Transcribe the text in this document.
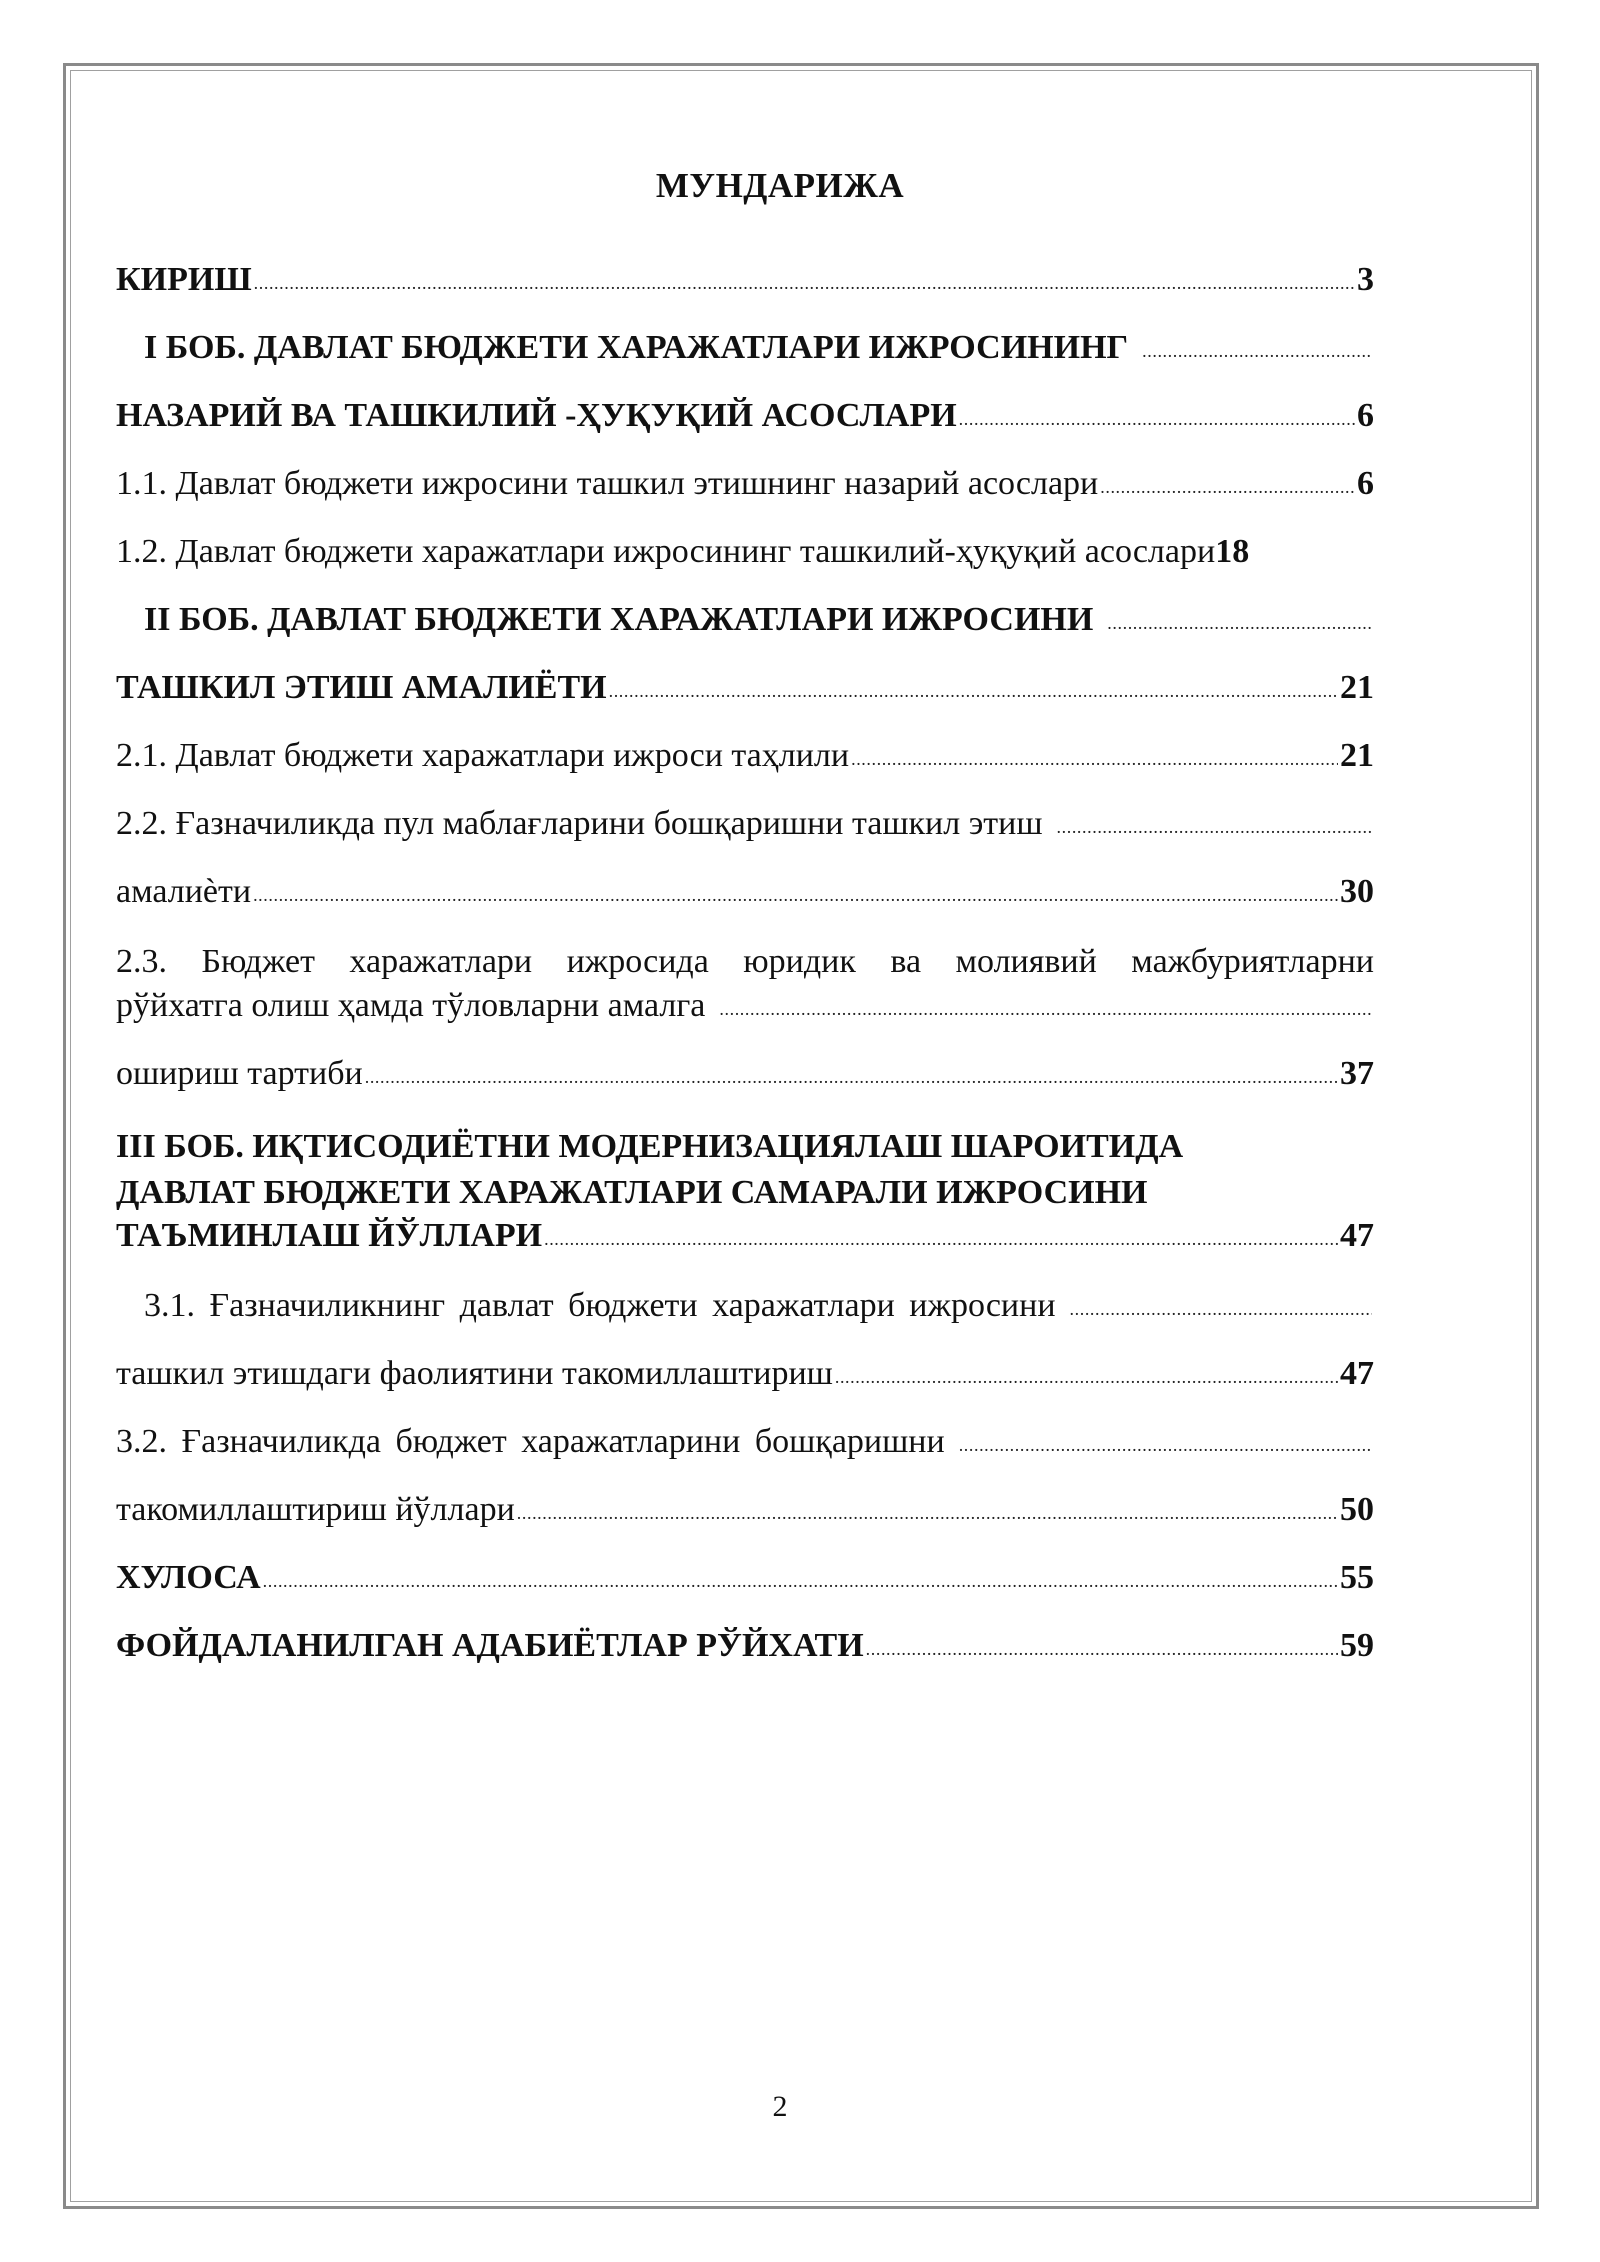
МУНДАРИЖА
КИРИШ .....	3
I БОБ. ДАВЛАТ БЮДЖЕТИ ХАРАЖАТЛАРИ ИЖРОСИНИНГ
.....
НАЗАРИЙ ВА ТАШКИЛИЙ -ҲУҚУҚИЙ АСОСЛАРИ .....	6
1.1. Давлат бюджети ижросини ташкил этишнинг назарий асослари .....	6
1.2. Давлат бюджети харажатлари ижросининг ташкилий-ҳуқуқий асослари 18
II БОБ. ДАВЛАТ БЮДЖЕТИ ХАРАЖАТЛАРИ ИЖРОСИНИ
.....
ТАШКИЛ ЭТИШ АМАЛИЁТИ .....	21
2.1. Давлат бюджети харажатлари ижроси таҳлили .....	21
2.2. Ғазначиликда пул маблағларини бошқаришни ташкил этиш
.....
амалиѐти .....	30
2.3. Бюджет харажатлари ижросида юридик ва молиявий мажбуриятларни
рўйхатга олиш ҳамда тўловларни амалга
.....
ошириш тартиби .....	37
III БОБ. ИҚТИСОДИЁТНИ МОДЕРНИЗАЦИЯЛАШ ШАРОИТИДА
ДАВЛАТ БЮДЖЕТИ ХАРАЖАТЛАРИ САМАРАЛИ ИЖРОСИНИ
ТАЪМИНЛАШ ЙЎЛЛАРИ .....	47
3.1. Ғазначиликнинг давлат бюджети харажатлари ижросини
.....
ташкил этишдаги фаолиятини такомиллаштириш .....	47
3.2. Ғазначиликда бюджет харажатларини бошқаришни
.....
такомиллаштириш йўллари .....	50
ХУЛОСА .....	55
ФОЙДАЛАНИЛГАН АДАБИЁТЛАР РЎЙХАТИ .....	59
2
